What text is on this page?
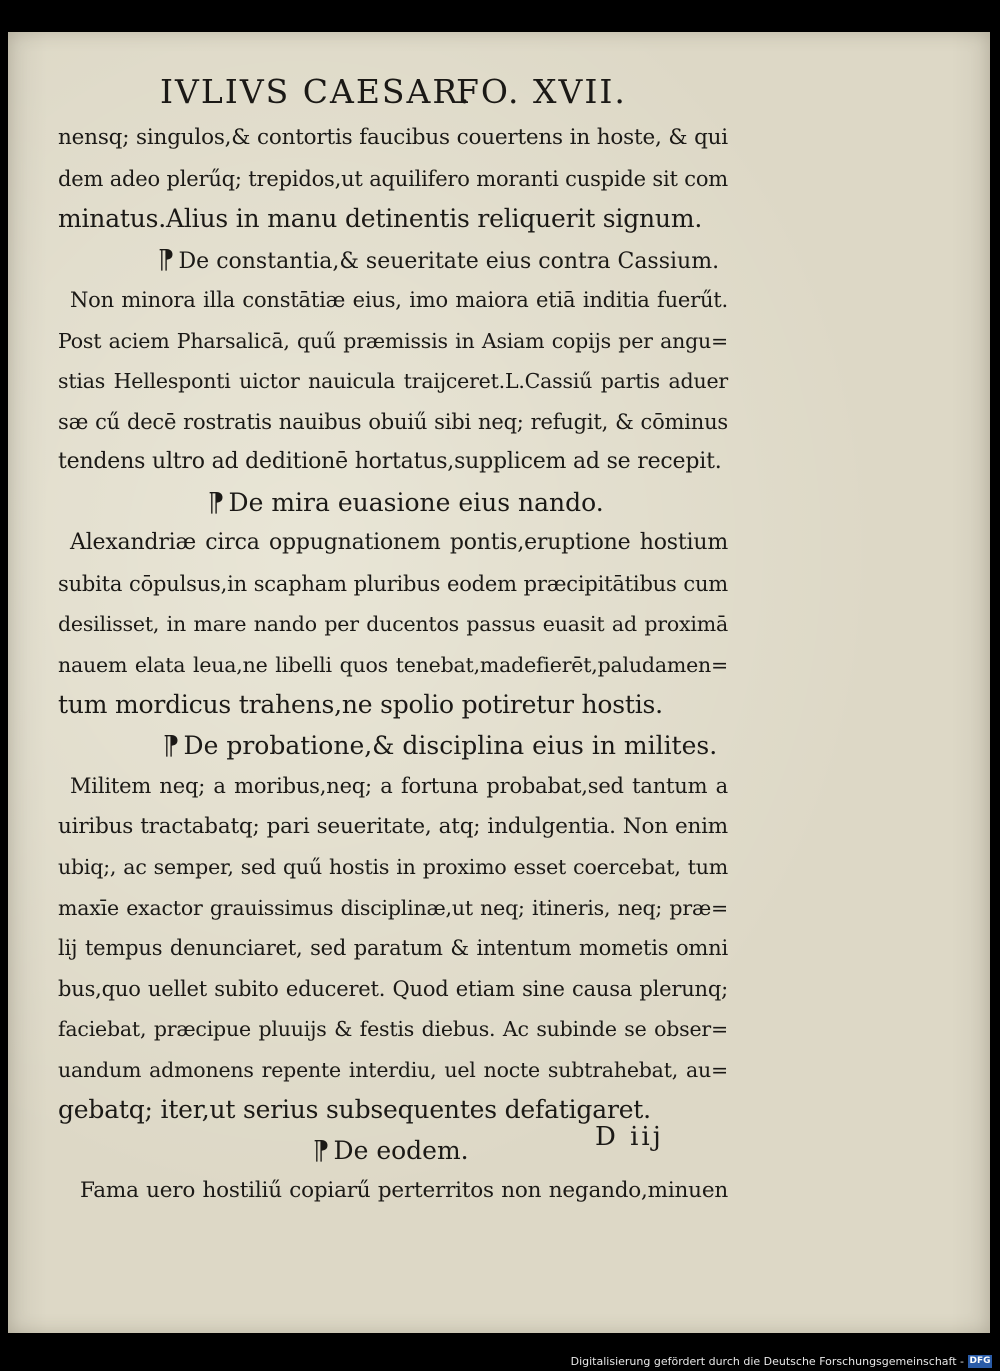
IVLIVS CAESAR.
FO. XVII.
nensq; singulos,& contortis faucibus couertens in hoste, & qui
dem adeo plerűq; trepidos,ut aquilifero moranti cuspide sit com
minatus.Alius in manu detinentis reliquerit signum.
¶ De constantia,& seueritate eius contra Cassium.
Non minora illa constātiæ eius, imo maiora etiā inditia fuerűt.
Post aciem Pharsalicā, quű præmissis in Asiam copijs per angu=
stias Hellesponti uictor nauicula traijceret.L.Cassiű partis aduer
sæ cű decē rostratis nauibus obuiű sibi neq; refugit, & cōminus
tendens ultro ad deditionē hortatus,supplicem ad se recepit.
¶ De mira euasione eius nando.
Alexandriæ circa oppugnationem pontis,eruptione hostium
subita cōpulsus,in scapham pluribus eodem præcipitātibus cum
desilisset, in mare nando per ducentos passus euasit ad proximā
nauem elata leua,ne libelli quos tenebat,madefierēt,paludamen=
tum mordicus trahens,ne spolio potiretur hostis.
¶ De probatione,& disciplina eius in milites.
Militem neq; a moribus,neq; a fortuna probabat,sed tantum a
uiribus tractabatq; pari seueritate, atq; indulgentia. Non enim
ubiq;, ac semper, sed quű hostis in proximo esset coercebat, tum
maxīe exactor grauissimus disciplinæ,ut neq; itineris, neq; præ=
lij tempus denunciaret, sed paratum & intentum mometis omni
bus,quo uellet subito educeret. Quod etiam sine causa plerunq;
faciebat, præcipue pluuijs & festis diebus. Ac subinde se obser=
uandum admonens repente interdiu, uel nocte subtrahebat, au=
gebatq; iter,ut serius subsequentes defatigaret.
¶ De eodem.
Fama uero hostiliű copiarű perterritos non negando,minuen
D iij
Digitalisierung gefördert durch die Deutsche Forschungsgemeinschaft - DFG
